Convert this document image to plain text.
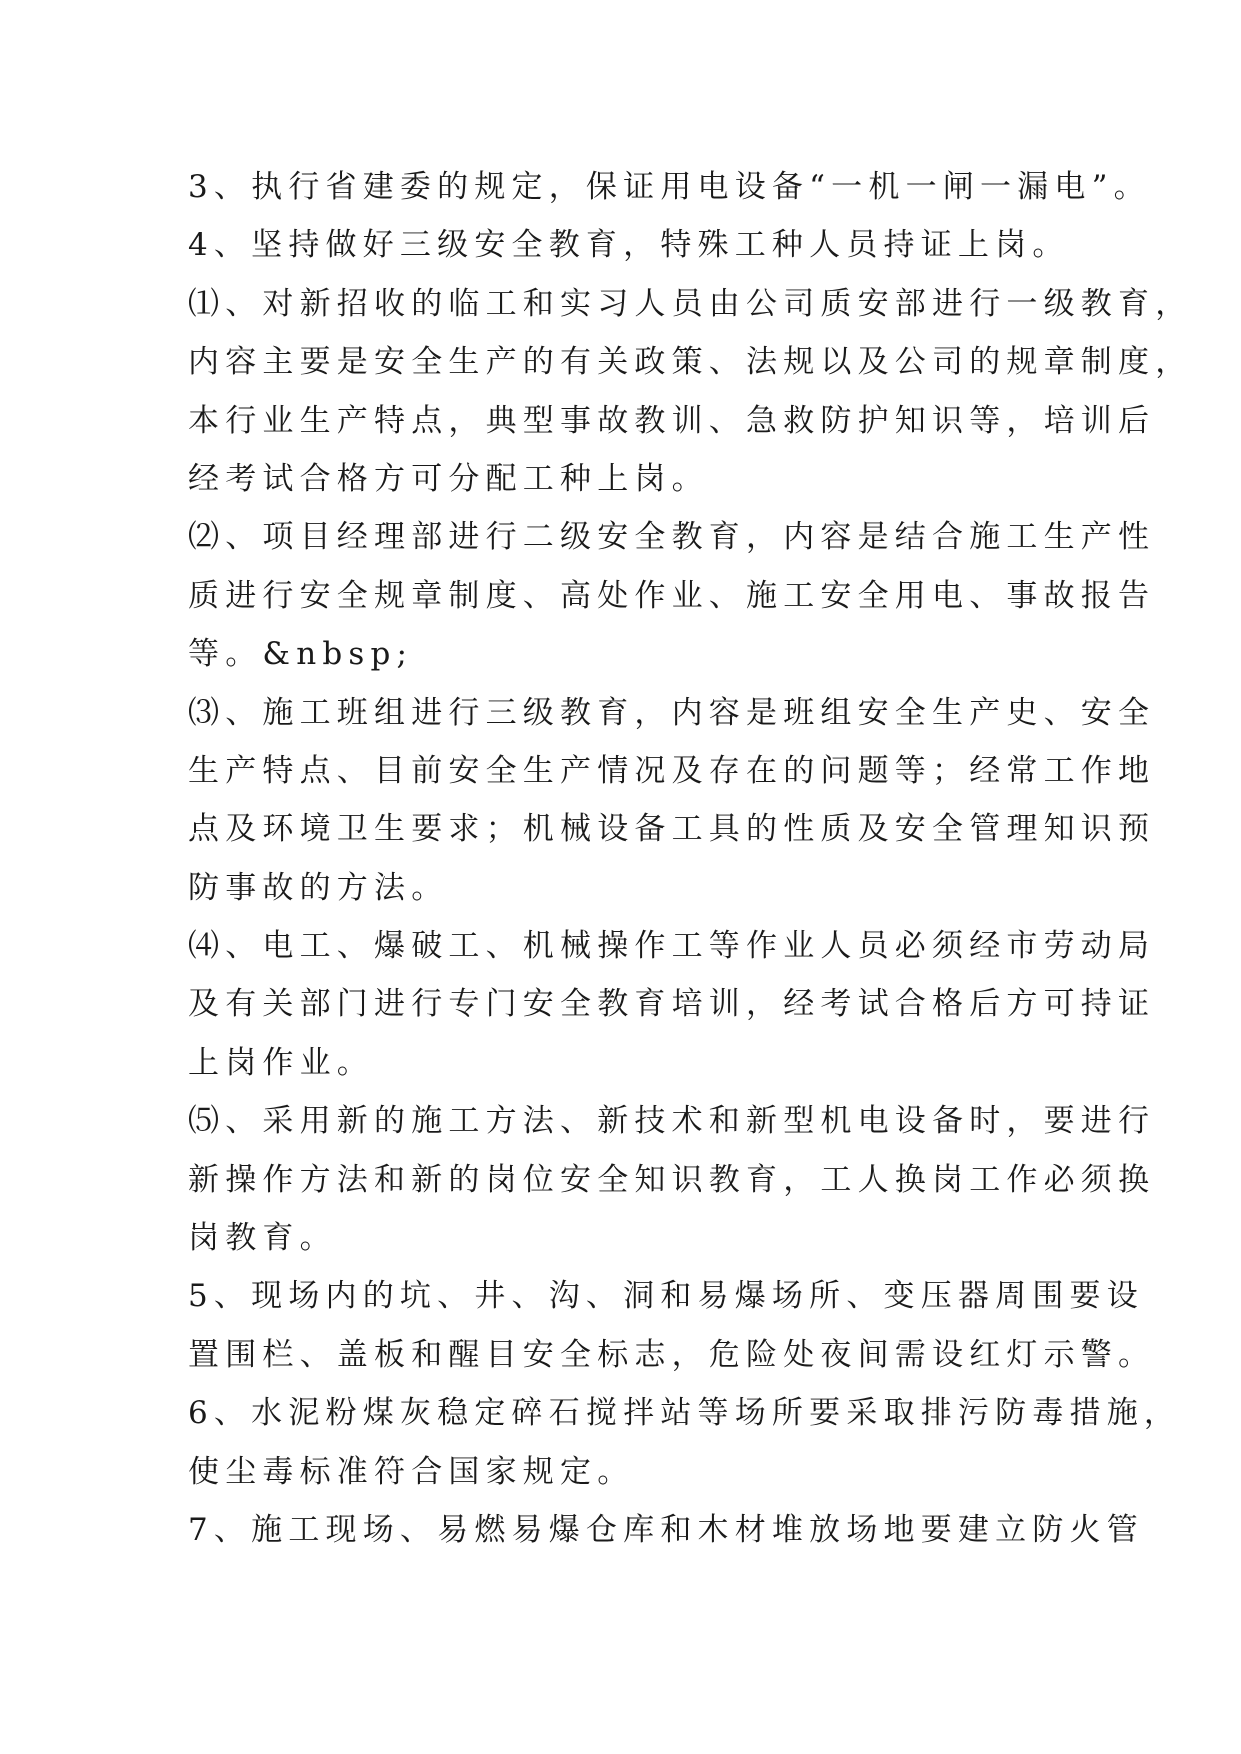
3、执行省建委的规定，保证用电设备“一机一闸一漏电”。
4、坚持做好三级安全教育，特殊工种人员持证上岗。
⑴、对新招收的临工和实习人员由公司质安部进行一级教育，
内容主要是安全生产的有关政策、法规以及公司的规章制度，
本行业生产特点，典型事故教训、急救防护知识等，培训后
经考试合格方可分配工种上岗。
⑵、项目经理部进行二级安全教育，内容是结合施工生产性
质进行安全规章制度、高处作业、施工安全用电、事故报告
等。&nbsp;
⑶、施工班组进行三级教育，内容是班组安全生产史、安全
生产特点、目前安全生产情况及存在的问题等；经常工作地
点及环境卫生要求；机械设备工具的性质及安全管理知识预
防事故的方法。
⑷、电工、爆破工、机械操作工等作业人员必须经市劳动局
及有关部门进行专门安全教育培训，经考试合格后方可持证
上岗作业。
⑸、采用新的施工方法、新技术和新型机电设备时，要进行
新操作方法和新的岗位安全知识教育，工人换岗工作必须换
岗教育。
5、现场内的坑、井、沟、洞和易爆场所、变压器周围要设
置围栏、盖板和醒目安全标志，危险处夜间需设红灯示警。
6、水泥粉煤灰稳定碎石搅拌站等场所要采取排污防毒措施，
使尘毒标准符合国家规定。
7、施工现场、易燃易爆仓库和木材堆放场地要建立防火管
